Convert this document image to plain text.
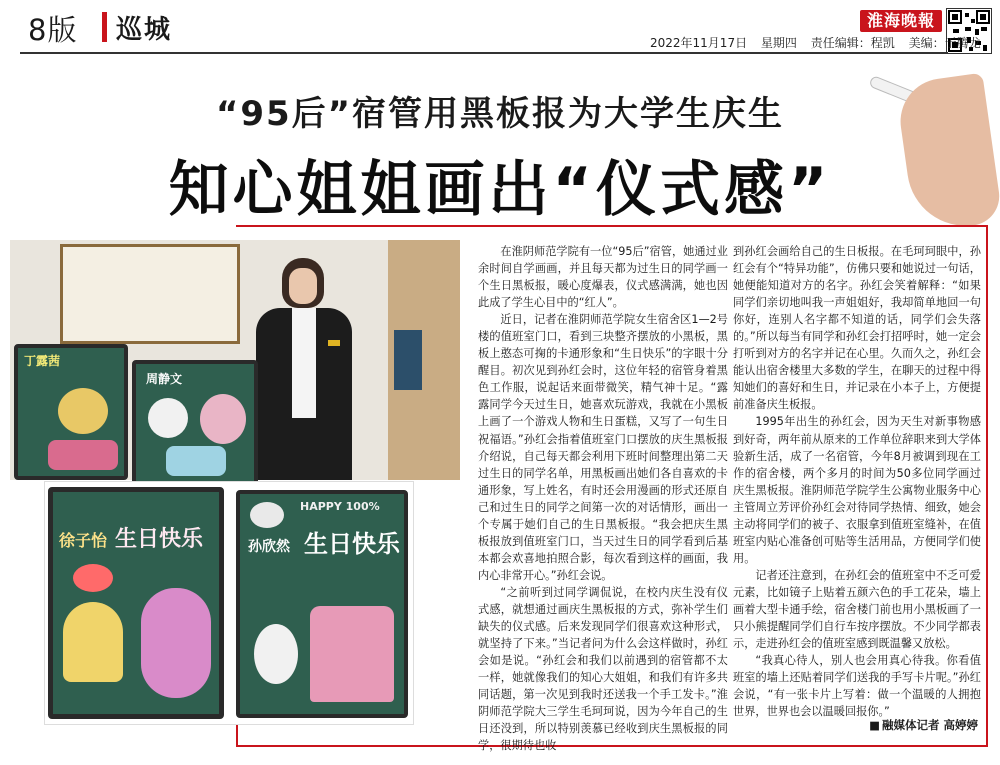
8版 巡城	淮海晚報
2022年11月17日 星期四 责任编辑：程凯 美编：于腾龙
“95后”宿管用黑板报为大学生庆生
知心姐姐画出“仪式感”
丁露茜
周静文
徐子怡 生日快乐
HAPPY 100%
孙欣然 生日快乐

在淮阴师范学院有一位“95后”宿管，她通过业余时间自学画画，并且每天都为过生日的同学画一个生日黑板报，暖心度爆表，仪式感满满，她也因此成了学生心目中的“红人”。

近日，记者在淮阴师范学院女生宿舍区1—2号楼的值班室门口，看到三块整齐摆放的小黑板，黑板上憨态可掬的卡通形象和“生日快乐”的字眼十分醒目。初次见到孙红会时，这位年轻的宿管身着黑色工作服，说起话来面带微笑，精气神十足。“露露同学今天过生日，她喜欢玩游戏，我就在小黑板上画了一个游戏人物和生日蛋糕，又写了一句生日祝福语。”孙红会指着值班室门口摆放的庆生黑板报介绍说，自己每天都会利用下班时间整理出第二天过生日的同学名单，用黑板画出她们各自喜欢的卡通形象，写上姓名，有时还会用漫画的形式还原自己和过生日的同学之间第一次的对话情形，画出一个专属于她们自己的生日黑板报。“我会把庆生黑板报放到值班室门口，当天过生日的同学看到后基本都会欢喜地拍照合影，每次看到这样的画面，我内心非常开心。”孙红会说。

“之前听到过同学调侃说，在校内庆生没有仪式感，就想通过画庆生黑板报的方式，弥补学生们缺失的仪式感。后来发现同学们很喜欢这种形式，就坚持了下来。”当记者问为什么会这样做时，孙红会如是说。“孙红会和我们以前遇到的宿管都不太一样，她就像我们的知心大姐姐，和我们有许多共同话题，第一次见到我时还送我一个手工发卡。”淮阴师范学院大三学生毛珂珂说，因为今年自己的生日还没到，所以特别羡慕已经收到庆生黑板报的同学，很期待也收

到孙红会画给自己的生日板报。在毛珂珂眼中，孙红会有个“特异功能”，仿佛只要和她说过一句话，她便能知道对方的名字。孙红会笑着解释：“如果同学们亲切地叫我一声姐姐好，我却简单地回一句你好，连别人名字都不知道的话，同学们会失落的。”所以每当有同学和孙红会打招呼时，她一定会打听到对方的名字并记在心里。久而久之，孙红会能认出宿舍楼里大多数的学生，在聊天的过程中得知她们的喜好和生日，并记录在小本子上，方便提前准备庆生板报。

1995年出生的孙红会，因为天生对新事物感到好奇，两年前从原来的工作单位辞职来到大学体验新生活，成了一名宿管，今年8月被调到现在工作的宿舍楼，两个多月的时间为50多位同学画过庆生黑板报。淮阴师范学院学生公寓物业服务中心主管周立芳评价孙红会对待同学热情、细致，她会主动将同学们的被子、衣服拿到值班室缝补，在值班室内贴心准备创可贴等生活用品，方便同学们使用。

记者还注意到，在孙红会的值班室中不乏可爱元素，比如镜子上贴着五颜六色的手工花朵，墙上画着大型卡通手绘，宿舍楼门前也用小黑板画了一只小熊提醒同学们自行车按序摆放。不少同学都表示，走进孙红会的值班室感到既温馨又放松。

“我真心待人，别人也会用真心待我。你看值班室的墙上还贴着同学们送我的手写卡片呢。”孙红会说，“有一张卡片上写着：做一个温暖的人拥抱世界，世界也会以温暖回报你。”

■ 融媒体记者 高婷婷
